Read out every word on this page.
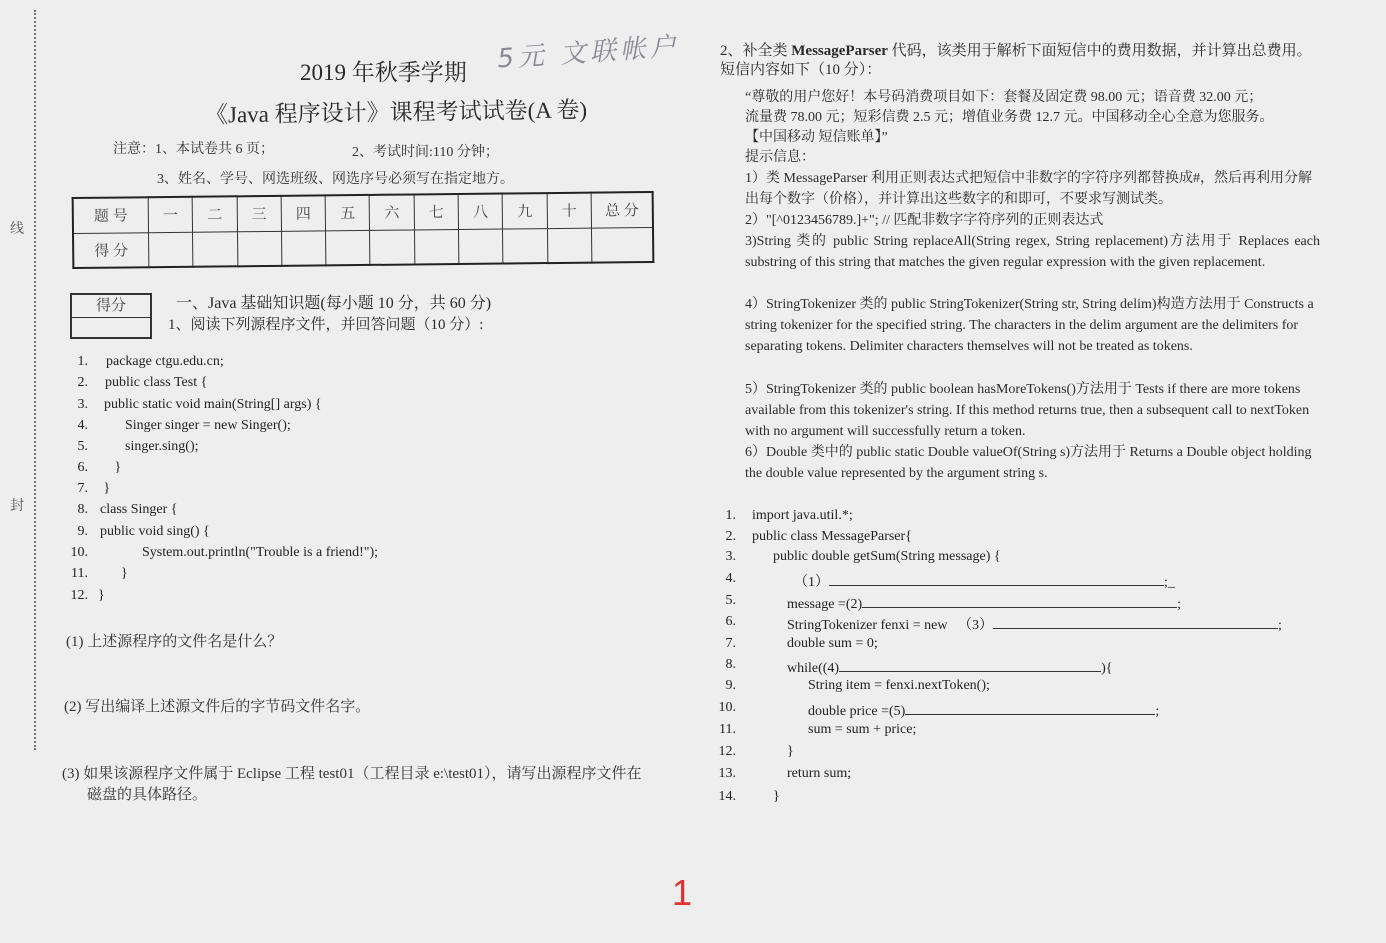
线
封
5元 文联帐户
2019 年秋季学期
《Java 程序设计》课程考试试卷(A 卷)
注意：1、本试卷共 6 页；	2、考试时间:110 分钟；
3、姓名、学号、网选班级、网选序号必须写在指定地方。
题 号	一	二	三	四	五	六	七	八	九	十	总 分
得 分											
得分	一、Java 基础知识题(每小题 10 分，共 60 分)
1、阅读下列源程序文件，并回答问题（10 分）:
1. package ctgu.edu.cn;
2. public class Test {
3. public static void main(String[] args) {
4. Singer singer = new Singer();
5. singer.sing();
6. }
7. }
8. class Singer {
9. public void sing() {
10. System.out.println("Trouble is a friend!");
11. }
12. }
(1) 上述源程序的文件名是什么？
(2) 写出编译上述源文件后的字节码文件名字。
(3) 如果该源程序文件属于 Eclipse 工程 test01（工程目录 e:\test01），请写出源程序文件在
磁盘的具体路径。
2、补全类 MessageParser 代码，该类用于解析下面短信中的费用数据，并计算出总费用。短信内容如下（10 分）：
“尊敬的用户您好！本号码消费项目如下：套餐及固定费 98.00 元；语音费 32.00 元；
流量费 78.00 元；短彩信费 2.5 元；增值业务费 12.7 元。中国移动全心全意为您服务。
【中国移动 短信账单】”
提示信息：
1）类 MessageParser 利用正则表达式把短信中非数字的字符序列都替换成#，然后再利用分解出每个数字（价格），并计算出这些数字的和即可，不要求写测试类。
2）"[^0123456789.]+"; // 匹配非数字字符序列的正则表达式
3)String 类的 public String replaceAll(String regex, String replacement)方法用于 Replaces each substring of this string that matches the given regular expression with the given replacement.
4）StringTokenizer 类的 public StringTokenizer(String str, String delim)构造方法用于 Constructs a string tokenizer for the specified string. The characters in the delim argument are the delimiters for separating tokens. Delimiter characters themselves will not be treated as tokens.
5）StringTokenizer 类的 public boolean hasMoreTokens()方法用于 Tests if there are more tokens available from this tokenizer's string. If this method returns true, then a subsequent call to nextToken with no argument will successfully return a token.
6）Double 类中的 public static Double valueOf(String s)方法用于 Returns a Double object holding the double value represented by the argument string s.
1. import java.util.*;
2. public class MessageParser{
3. public double getSum(String message) {
4. （1）	;_
5. message =(2)	;
6. StringTokenizer fenxi = new   （3）	;
7. double sum = 0;
8. while((4)	){
9. String item = fenxi.nextToken();
10. double price =(5)	;
11. sum = sum + price;
12. }
13. return sum;
14. }
1
